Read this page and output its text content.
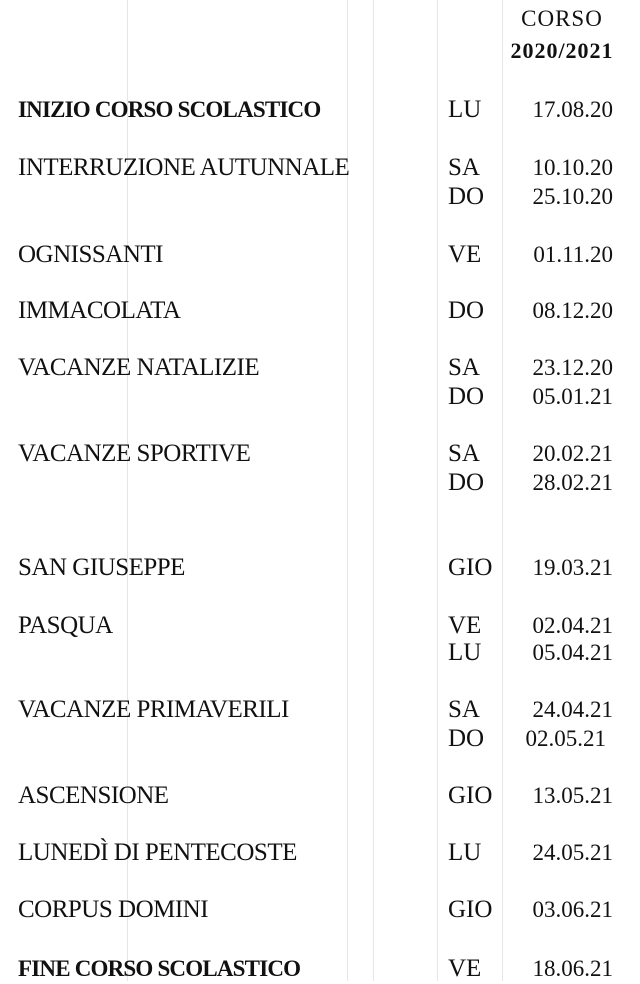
CORSO
2020/2021
INIZIO CORSO SCOLASTICO	LU 17.08.20
INTERRUZIONE AUTUNNALE	SA 10.10.20
DO 25.10.20
OGNISSANTI	VE 01.11.20
IMMACOLATA	DO 08.12.20
VACANZE NATALIZIE	SA 23.12.20
DO 05.01.21
VACANZE SPORTIVE	SA 20.02.21
DO 28.02.21
SAN GIUSEPPE	GIO 19.03.21
PASQUA	VE 02.04.21
LU 05.04.21
VACANZE PRIMAVERILI	SA 24.04.21
DO 02.05.21
ASCENSIONE	GIO 13.05.21
LUNEDÌ DI PENTECOSTE	LU 24.05.21
CORPUS DOMINI	GIO 03.06.21
FINE CORSO SCOLASTICO	VE 18.06.21
